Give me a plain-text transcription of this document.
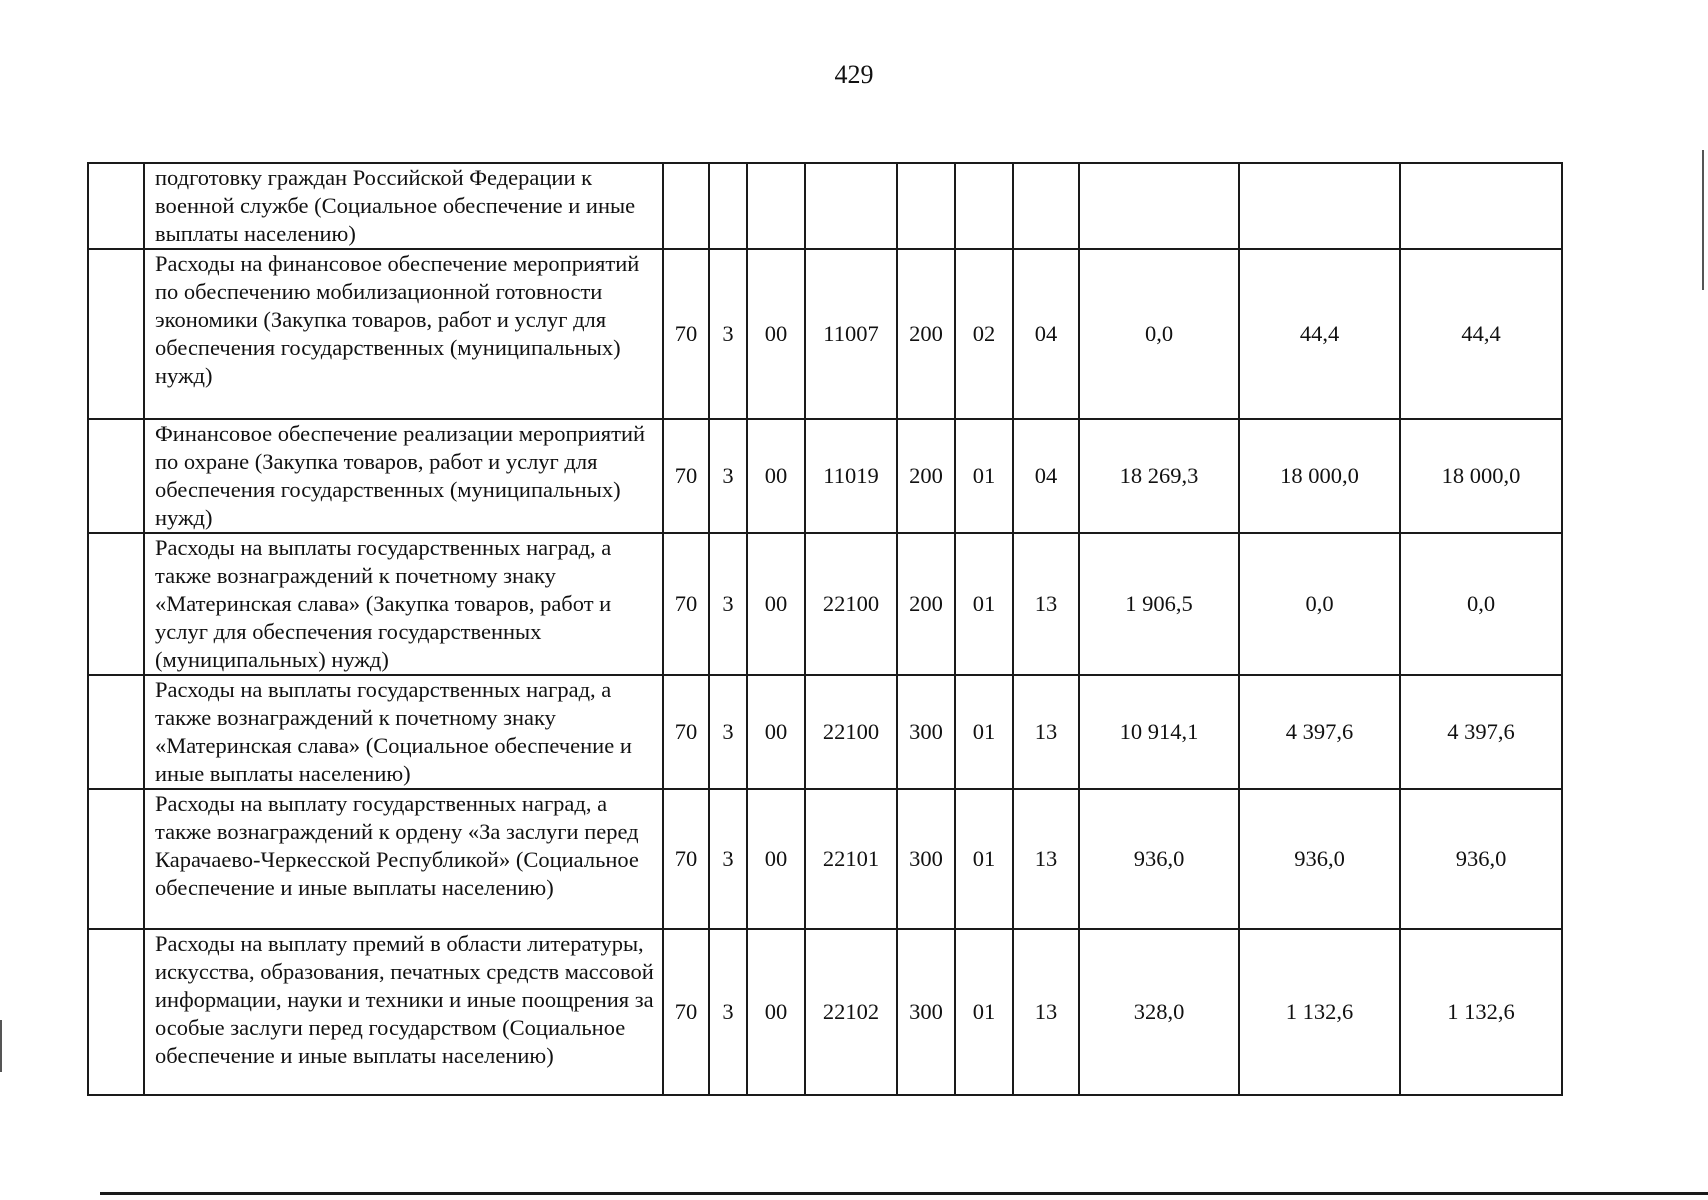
429
	подготовку граждан Российской Федерации к военной службе (Социальное обеспечение и иные выплаты населению)										
	Расходы на финансовое обеспечение мероприятий по обеспечению мобилизационной готовности экономики (Закупка товаров, работ и услуг для обеспечения государственных (муниципальных) нужд)	70	3	00	11007	200	02	04	0,0	44,4	44,4
	Финансовое обеспечение реализации мероприятий по охране (Закупка товаров, работ и услуг для обеспечения государственных (муниципальных) нужд)	70	3	00	11019	200	01	04	18 269,3	18 000,0	18 000,0
	Расходы на выплаты государственных наград, а также вознаграждений к почетному знаку «Материнская слава» (Закупка товаров, работ и услуг для обеспечения государственных (муниципальных) нужд)	70	3	00	22100	200	01	13	1 906,5	0,0	0,0
	Расходы на выплаты государственных наград, а также вознаграждений к почетному знаку «Материнская слава» (Социальное обеспечение и иные выплаты населению)	70	3	00	22100	300	01	13	10 914,1	4 397,6	4 397,6
	Расходы на выплату государственных наград, а также вознаграждений к ордену «За заслуги перед Карачаево-Черкесской Республикой» (Социальное обеспечение и иные выплаты населению)	70	3	00	22101	300	01	13	936,0	936,0	936,0
	Расходы на выплату премий в области литературы, искусства, образования, печатных средств массовой информации, науки и техники и иные поощрения за особые заслуги перед государством (Социальное обеспечение и иные выплаты населению)	70	3	00	22102	300	01	13	328,0	1 132,6	1 132,6
